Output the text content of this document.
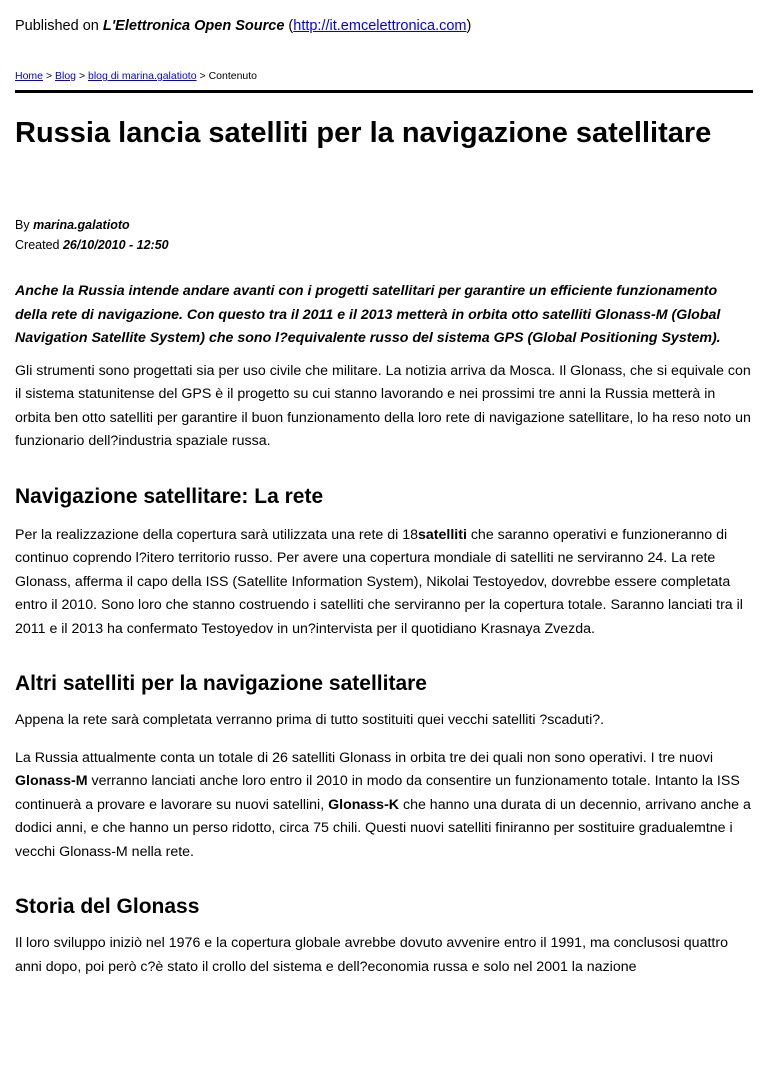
Published on L'Elettronica Open Source (http://it.emcelettronica.com)
Home > Blog > blog di marina.galatioto > Contenuto
Russia lancia satelliti per la navigazione satellitare
By marina.galatioto
Created 26/10/2010 - 12:50

Anche la Russia intende andare avanti con i progetti satellitari per garantire un efficiente funzionamento della rete di navigazione. Con questo tra il 2011 e il 2013 metterà in orbita otto satelliti Glonass-M (Global Navigation Satellite System) che sono l?equivalente russo del sistema GPS (Global Positioning System).

Gli strumenti sono progettati sia per uso civile che militare. La notizia arriva da Mosca. Il Glonass, che si equivale con il sistema statunitense del GPS è il progetto su cui stanno lavorando e nei prossimi tre anni la Russia metterà in orbita ben otto satelliti per garantire il buon funzionamento della loro rete di navigazione satellitare, lo ha reso noto un funzionario dell?industria spaziale russa.

Navigazione satellitare: La rete

Per la realizzazione della copertura sarà utilizzata una rete di 18satelliti che saranno operativi e funzioneranno di continuo coprendo l?itero territorio russo. Per avere una copertura mondiale di satelliti ne serviranno 24. La rete Glonass, afferma il capo della ISS (Satellite Information System), Nikolai Testoyedov, dovrebbe essere completata entro il 2010. Sono loro che stanno costruendo i satelliti che serviranno per la copertura totale. Saranno lanciati tra il 2011 e il 2013 ha confermato Testoyedov in un?intervista per il quotidiano Krasnaya Zvezda.

Altri satelliti per la navigazione satellitare

Appena la rete sarà completata verranno prima di tutto sostituiti quei vecchi satelliti ?scaduti?.

La Russia attualmente conta un totale di 26 satelliti Glonass in orbita tre dei quali non sono operativi. I tre nuovi Glonass-M verranno lanciati anche loro entro il 2010 in modo da consentire un funzionamento totale. Intanto la ISS continuerà a provare e lavorare su nuovi satellini, Glonass-K che hanno una durata di un decennio, arrivano anche a dodici anni, e che hanno un perso ridotto, circa 75 chili. Questi nuovi satelliti finiranno per sostituire gradualemtne i vecchi Glonass-M nella rete.

Storia del Glonass

Il loro sviluppo iniziò nel 1976 e la copertura globale avrebbe dovuto avvenire entro il 1991, ma conclusosi quattro anni dopo, poi però c?è stato il crollo del sistema e dell?economia russa e solo nel 2001 la nazione
